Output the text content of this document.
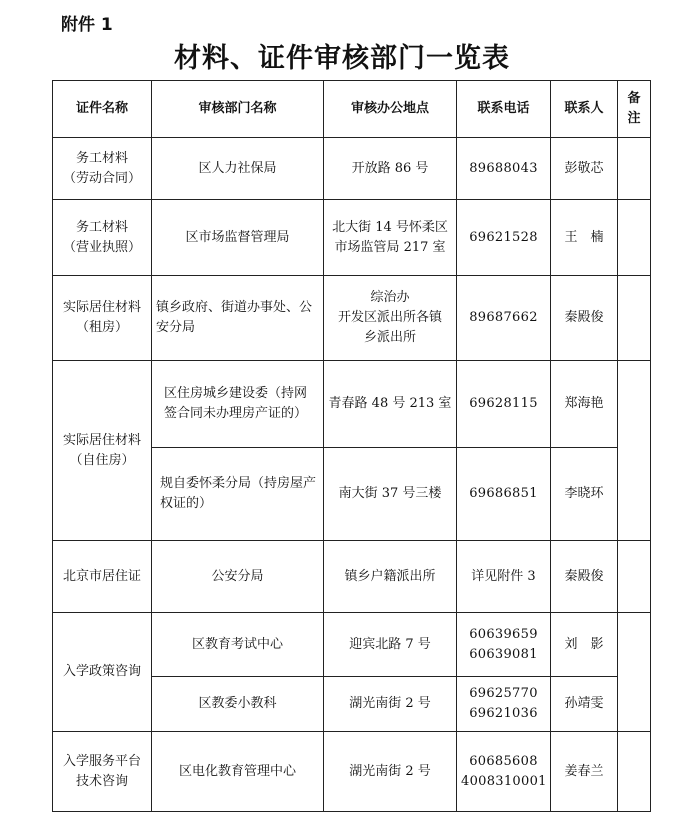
附件 1
材料、证件审核部门一览表
证件名称	审核部门名称	审核办公地点	联系电话	联系人	备注

务工材料
（劳动合同）	区人力社保局	开放路 86 号	89688043	彭敬芯	

务工材料
（营业执照）	区市场监督管理局	北大街 14 号怀柔区
市场监管局 217 室	69621528	王　楠	

实际居住材料
（租房）	镇乡政府、街道办事处、公安分局	综治办
开发区派出所各镇
乡派出所	89687662	秦殿俊	

实际居住材料
（自住房）	区住房城乡建设委（持网签合同未办理房产证的）	青春路 48 号 213 室	69628115	郑海艳	
	规自委怀柔分局（持房屋产权证的）	南大街 37 号三楼	69686851	李晓环	

北京市居住证	公安分局	镇乡户籍派出所	详见附件 3	秦殿俊	

入学政策咨询	区教育考试中心	迎宾北路 7 号	60639659
60639081	刘　影	
	区教委小教科	湖光南街 2 号	69625770
69621036	孙靖雯	

入学服务平台
技术咨询	区电化教育管理中心	湖光南街 2 号	60685608
4008310001	姜春兰	
